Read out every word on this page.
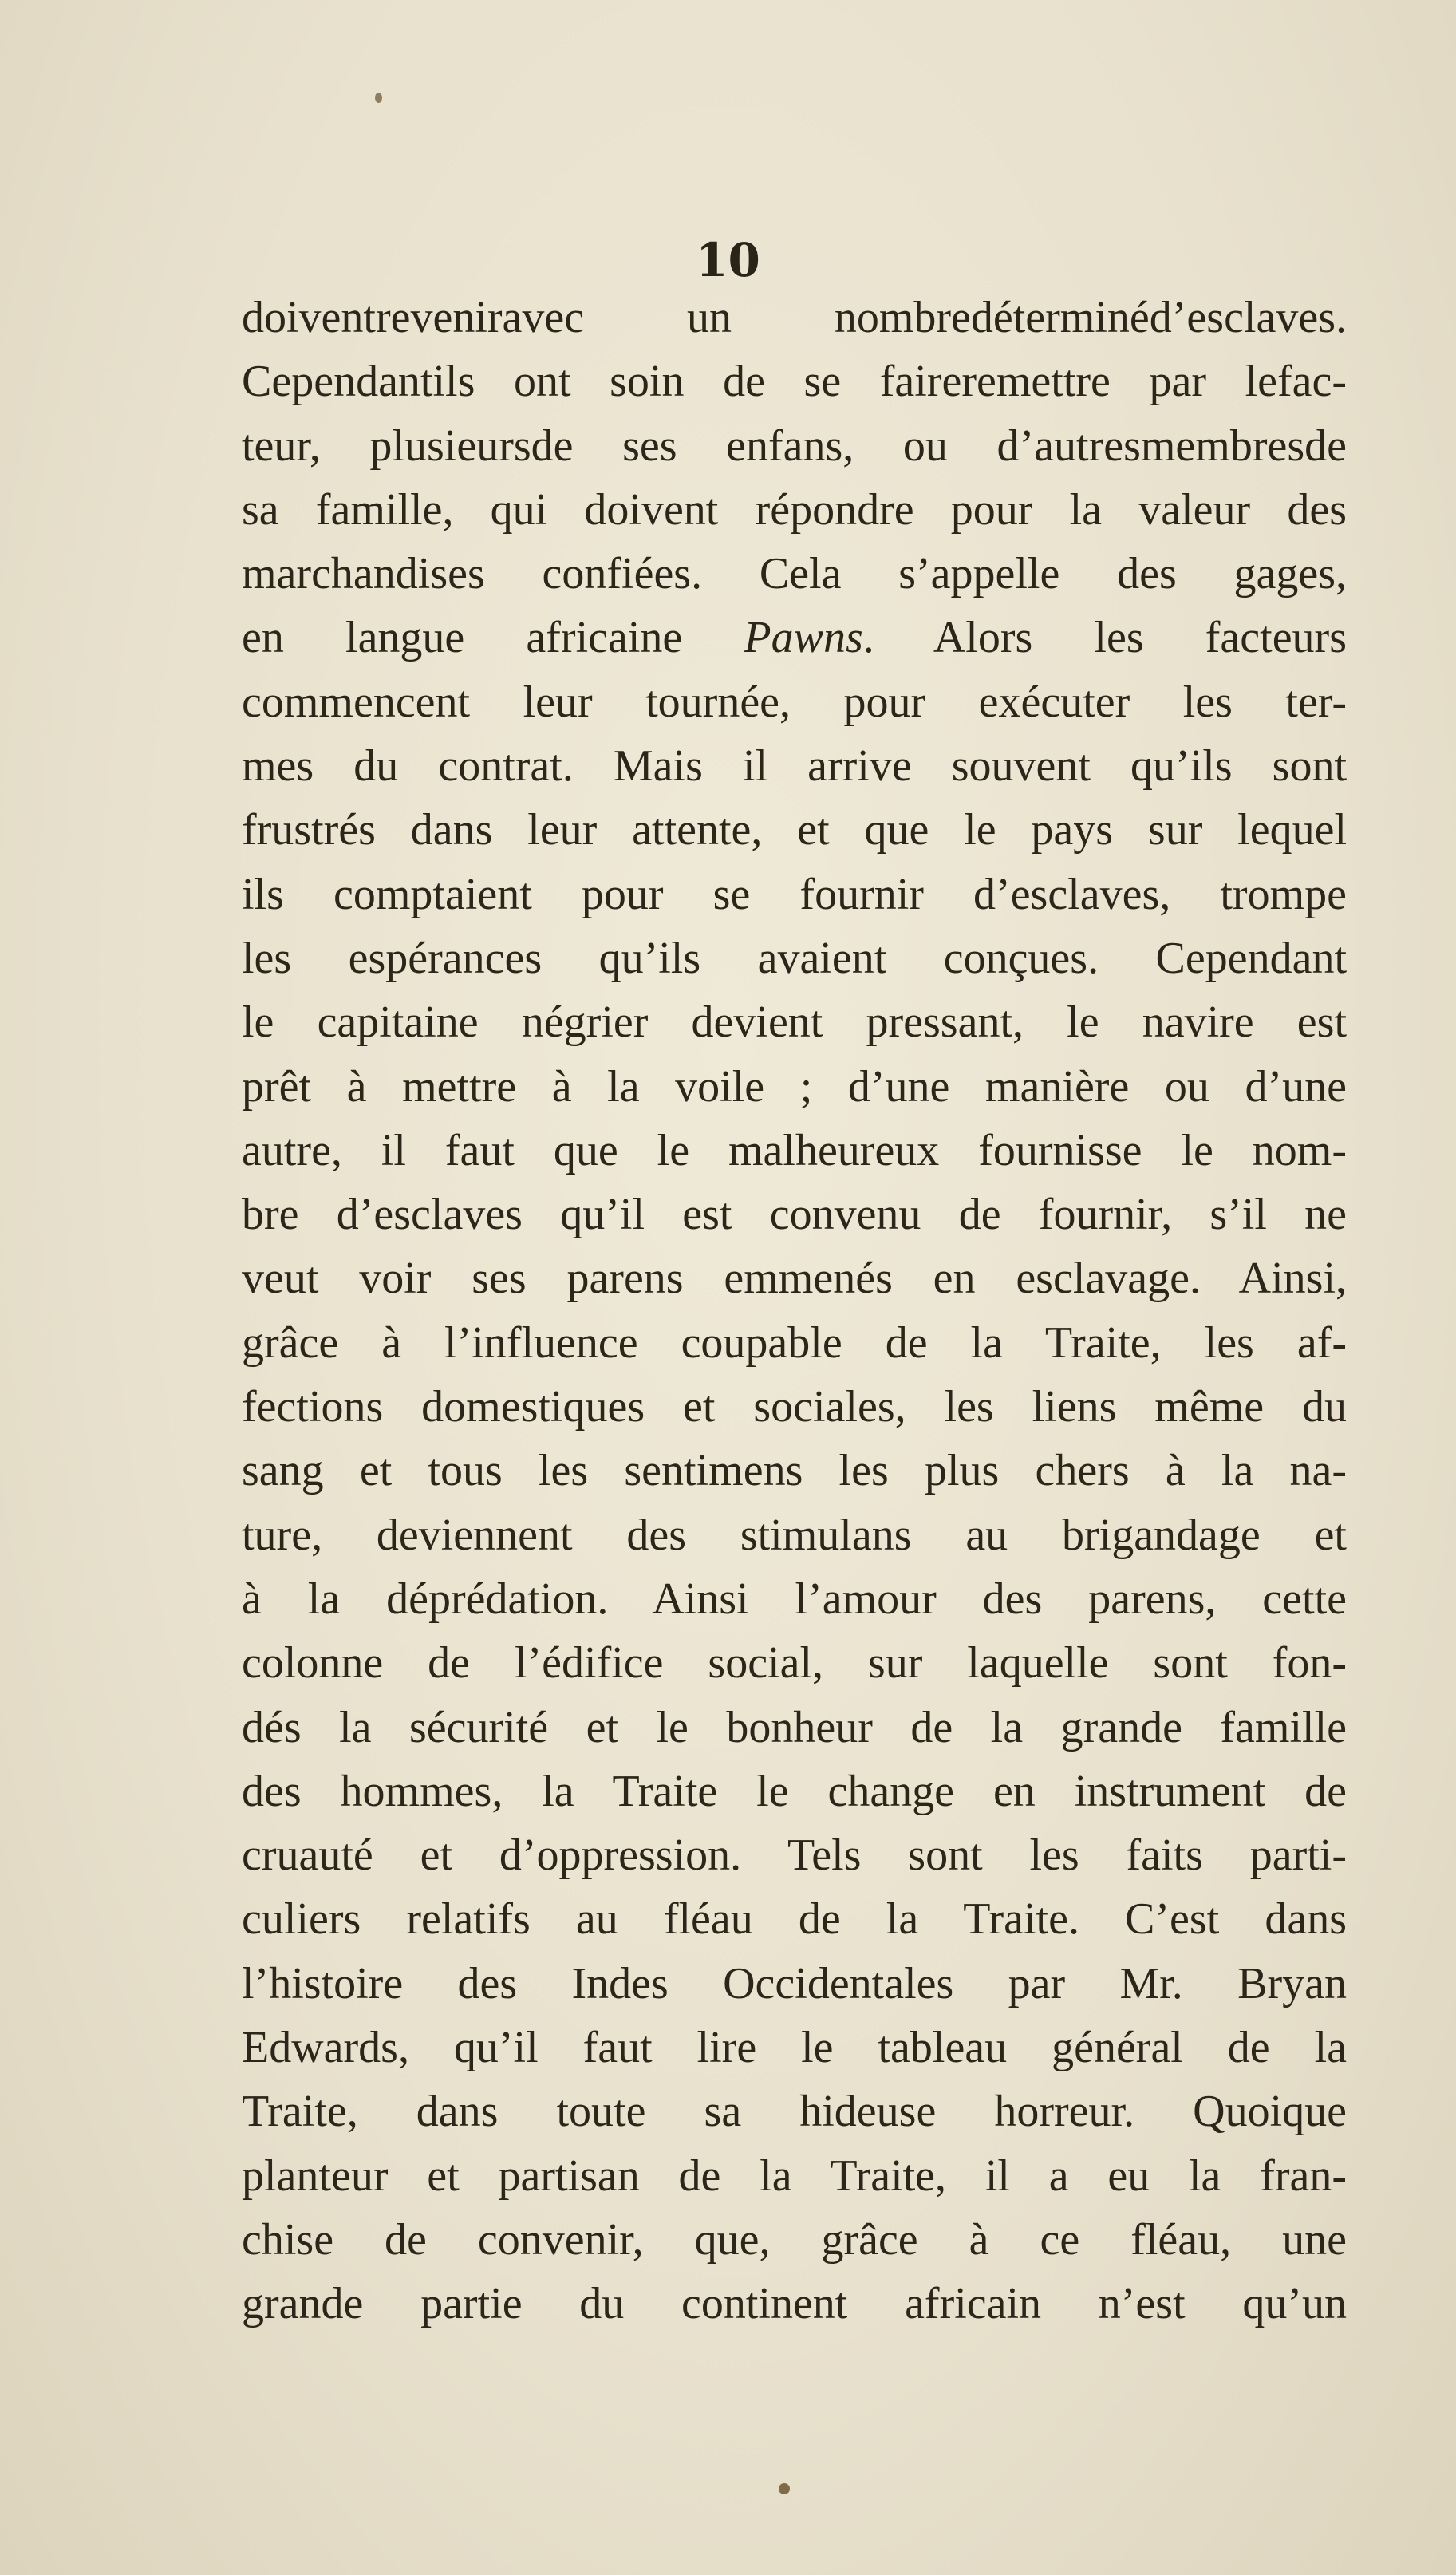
10
doiventreveniravec un nombredéterminéd’esclaves.
Cependantils ont soin de se faireremettre par lefac-
teur, plusieursde ses enfans, ou d’autresmembresde
sa famille, qui doivent répondre pour la valeur des
marchandises confiées. Cela s’appelle des gages,
en langue africaine Pawns. Alors les facteurs
commencent leur tournée, pour exécuter les ter-
mes du contrat. Mais il arrive souvent qu’ils sont
frustrés dans leur attente, et que le pays sur lequel
ils comptaient pour se fournir d’esclaves, trompe
les espérances qu’ils avaient conçues. Cependant
le capitaine négrier devient pressant, le navire est
prêt à mettre à la voile ; d’une manière ou d’une
autre, il faut que le malheureux fournisse le nom-
bre d’esclaves qu’il est convenu de fournir, s’il ne
veut voir ses parens emmenés en esclavage. Ainsi,
grâce à l’influence coupable de la Traite, les af-
fections domestiques et sociales, les liens même du
sang et tous les sentimens les plus chers à la na-
ture, deviennent des stimulans au brigandage et
à la déprédation. Ainsi l’amour des parens, cette
colonne de l’édifice social, sur laquelle sont fon-
dés la sécurité et le bonheur de la grande famille
des hommes, la Traite le change en instrument de
cruauté et d’oppression. Tels sont les faits parti-
culiers relatifs au fléau de la Traite. C’est dans
l’histoire des Indes Occidentales par Mr. Bryan
Edwards, qu’il faut lire le tableau général de la
Traite, dans toute sa hideuse horreur. Quoique
planteur et partisan de la Traite, il a eu la fran-
chise de convenir, que, grâce à ce fléau, une
grande partie du continent africain n’est qu’un
